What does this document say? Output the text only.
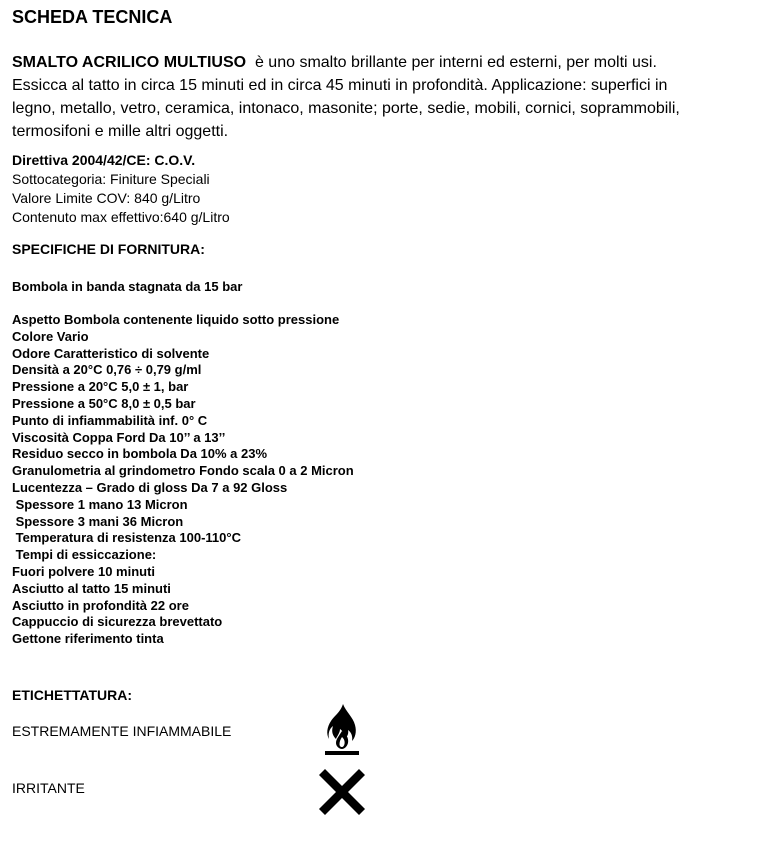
SCHEDA TECNICA
SMALTO ACRILICO MULTIUSO  è uno smalto brillante per interni ed esterni, per molti usi. Essicca al tatto in circa 15 minuti ed in circa 45 minuti in profondità. Applicazione: superfici in legno, metallo, vetro, ceramica, intonaco, masonite; porte, sedie, mobili, cornici, soprammobili, termosifoni e mille altri oggetti.
Direttiva 2004/42/CE: C.O.V.
Sottocategoria: Finiture Speciali
Valore Limite COV: 840 g/Litro
Contenuto max effettivo:640 g/Litro
SPECIFICHE DI FORNITURA:
Bombola in banda stagnata da 15 bar
Aspetto Bombola contenente liquido sotto pressione
Colore Vario
Odore Caratteristico di solvente
Densità a 20°C 0,76 ÷ 0,79 g/ml
Pressione a 20°C 5,0 ± 1, bar
Pressione a 50°C 8,0 ± 0,5 bar
Punto di infiammabilità inf. 0° C
Viscosità Coppa Ford Da 10’’ a 13’’
Residuo secco in bombola Da 10% a 23%
Granulometria al grindometro Fondo scala 0 a 2 Micron
Lucentezza – Grado di gloss Da 7 a 92 Gloss
Spessore 1 mano 13 Micron
Spessore 3 mani 36 Micron
Temperatura di resistenza 100-110°C
Tempi di essiccazione:
Fuori polvere 10 minuti
Asciutto al tatto 15 minuti
Asciutto in profondità 22 ore
Cappuccio di sicurezza brevettato
Gettone riferimento tinta
ETICHETTATURA:
ESTREMAMENTE INFIAMMABILE
IRRITANTE
